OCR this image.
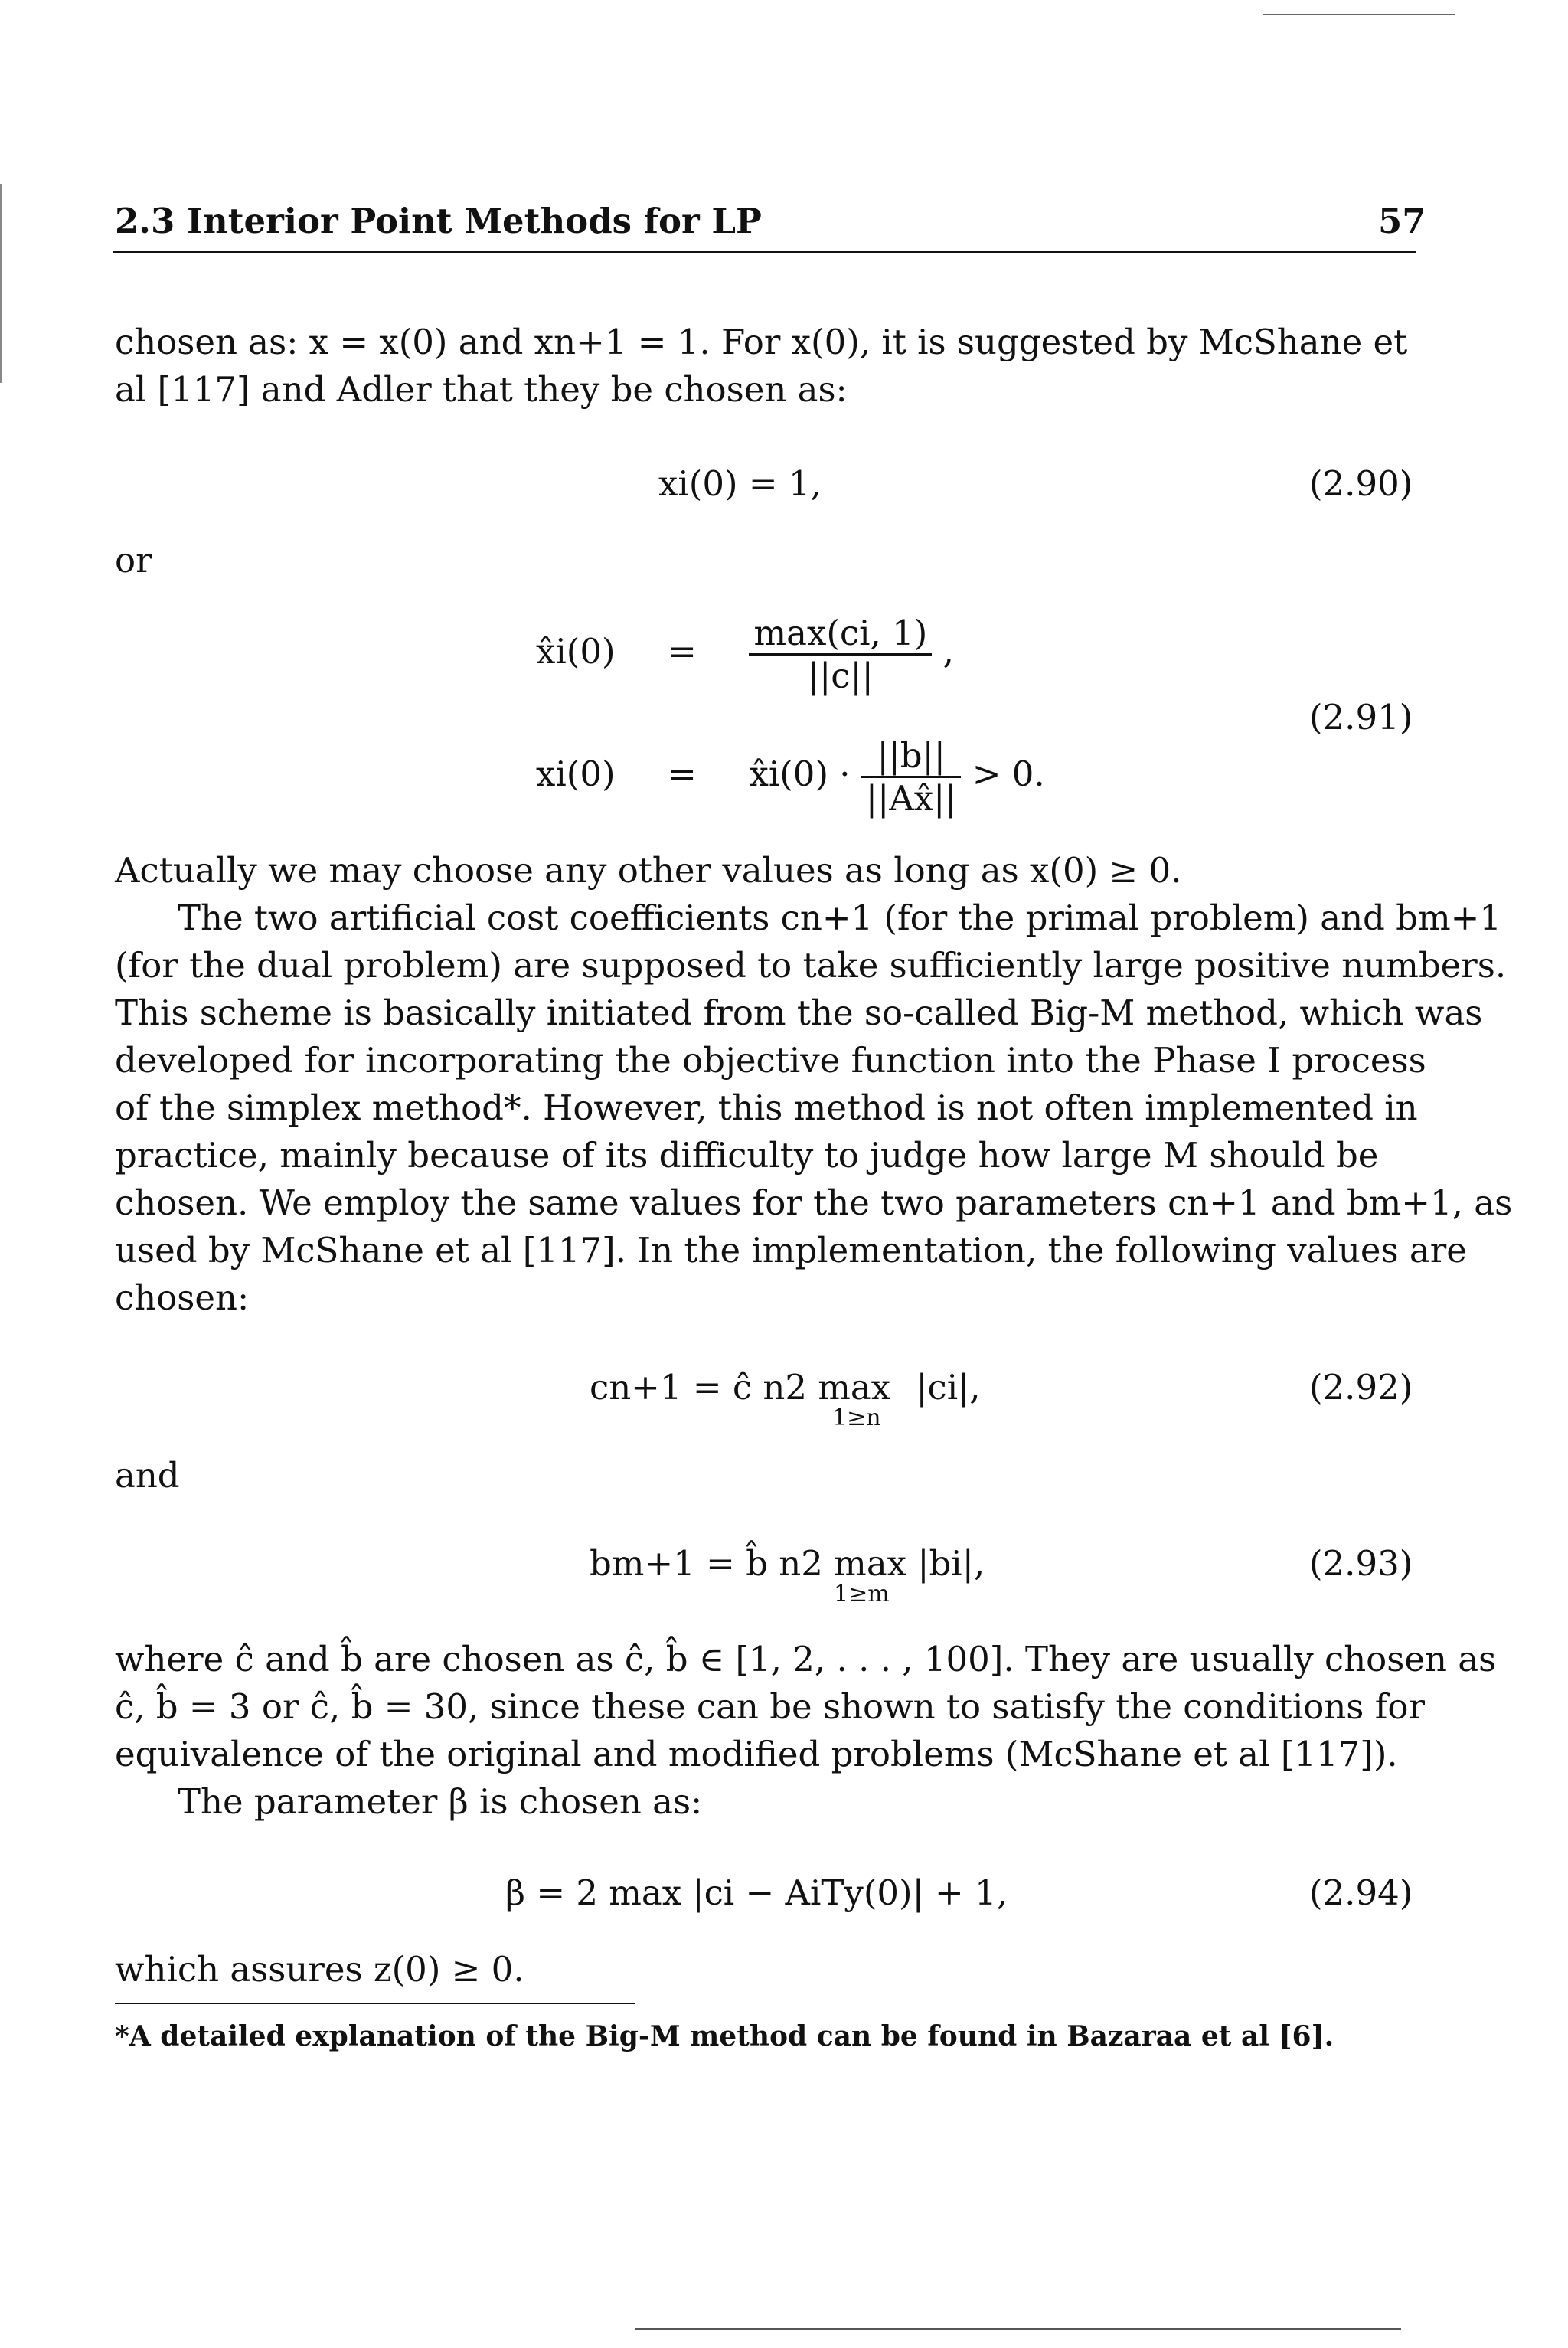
2.3 Interior Point Methods for LP	57
chosen as: x = x(0) and xn+1 = 1. For x(0), it is suggested by McShane et
al [117] and Adler that they be chosen as:
xi(0) = 1,	(2.90)
or
x̂i(0) = $\frac{\max(ci, 1)}{||c||}$ ,
xi(0) = x̂i(0) · $\frac{||b||}{||Ax̂||} > 0$.
(2.91)
Actually we may choose any other values as long as x(0) ≥ 0.
The two artificial cost coefficients cn+1 (for the primal problem) and bm+1
(for the dual problem) are supposed to take sufficiently large positive numbers.
This scheme is basically initiated from the so-called Big-M method, which was
developed for incorporating the objective function into the Phase I process
of the simplex method*. However, this method is not often implemented in
practice, mainly because of its difficulty to judge how large M should be
chosen. We employ the same values for the two parameters cn+1 and bm+1, as
used by McShane et al [117]. In the implementation, the following values are
chosen:
cn+1 = ĉ n2 max
1≥n
|ci|,	(2.92)
and
bm+1 = b̂ n2 max
1≥m
|bi|,	(2.93)
where ĉ and b̂ are chosen as ĉ, b̂ ∈ [1, 2, . . . , 100]. They are usually chosen as
ĉ, b̂ = 3 or ĉ, b̂ = 30, since these can be shown to satisfy the conditions for
equivalence of the original and modified problems (McShane et al [117]).
The parameter β is chosen as:
β = 2 max |ci − AiTy(0)| + 1,	(2.94)
which assures z(0) ≥ 0.
*A detailed explanation of the Big-M method can be found in Bazaraa et al [6].
